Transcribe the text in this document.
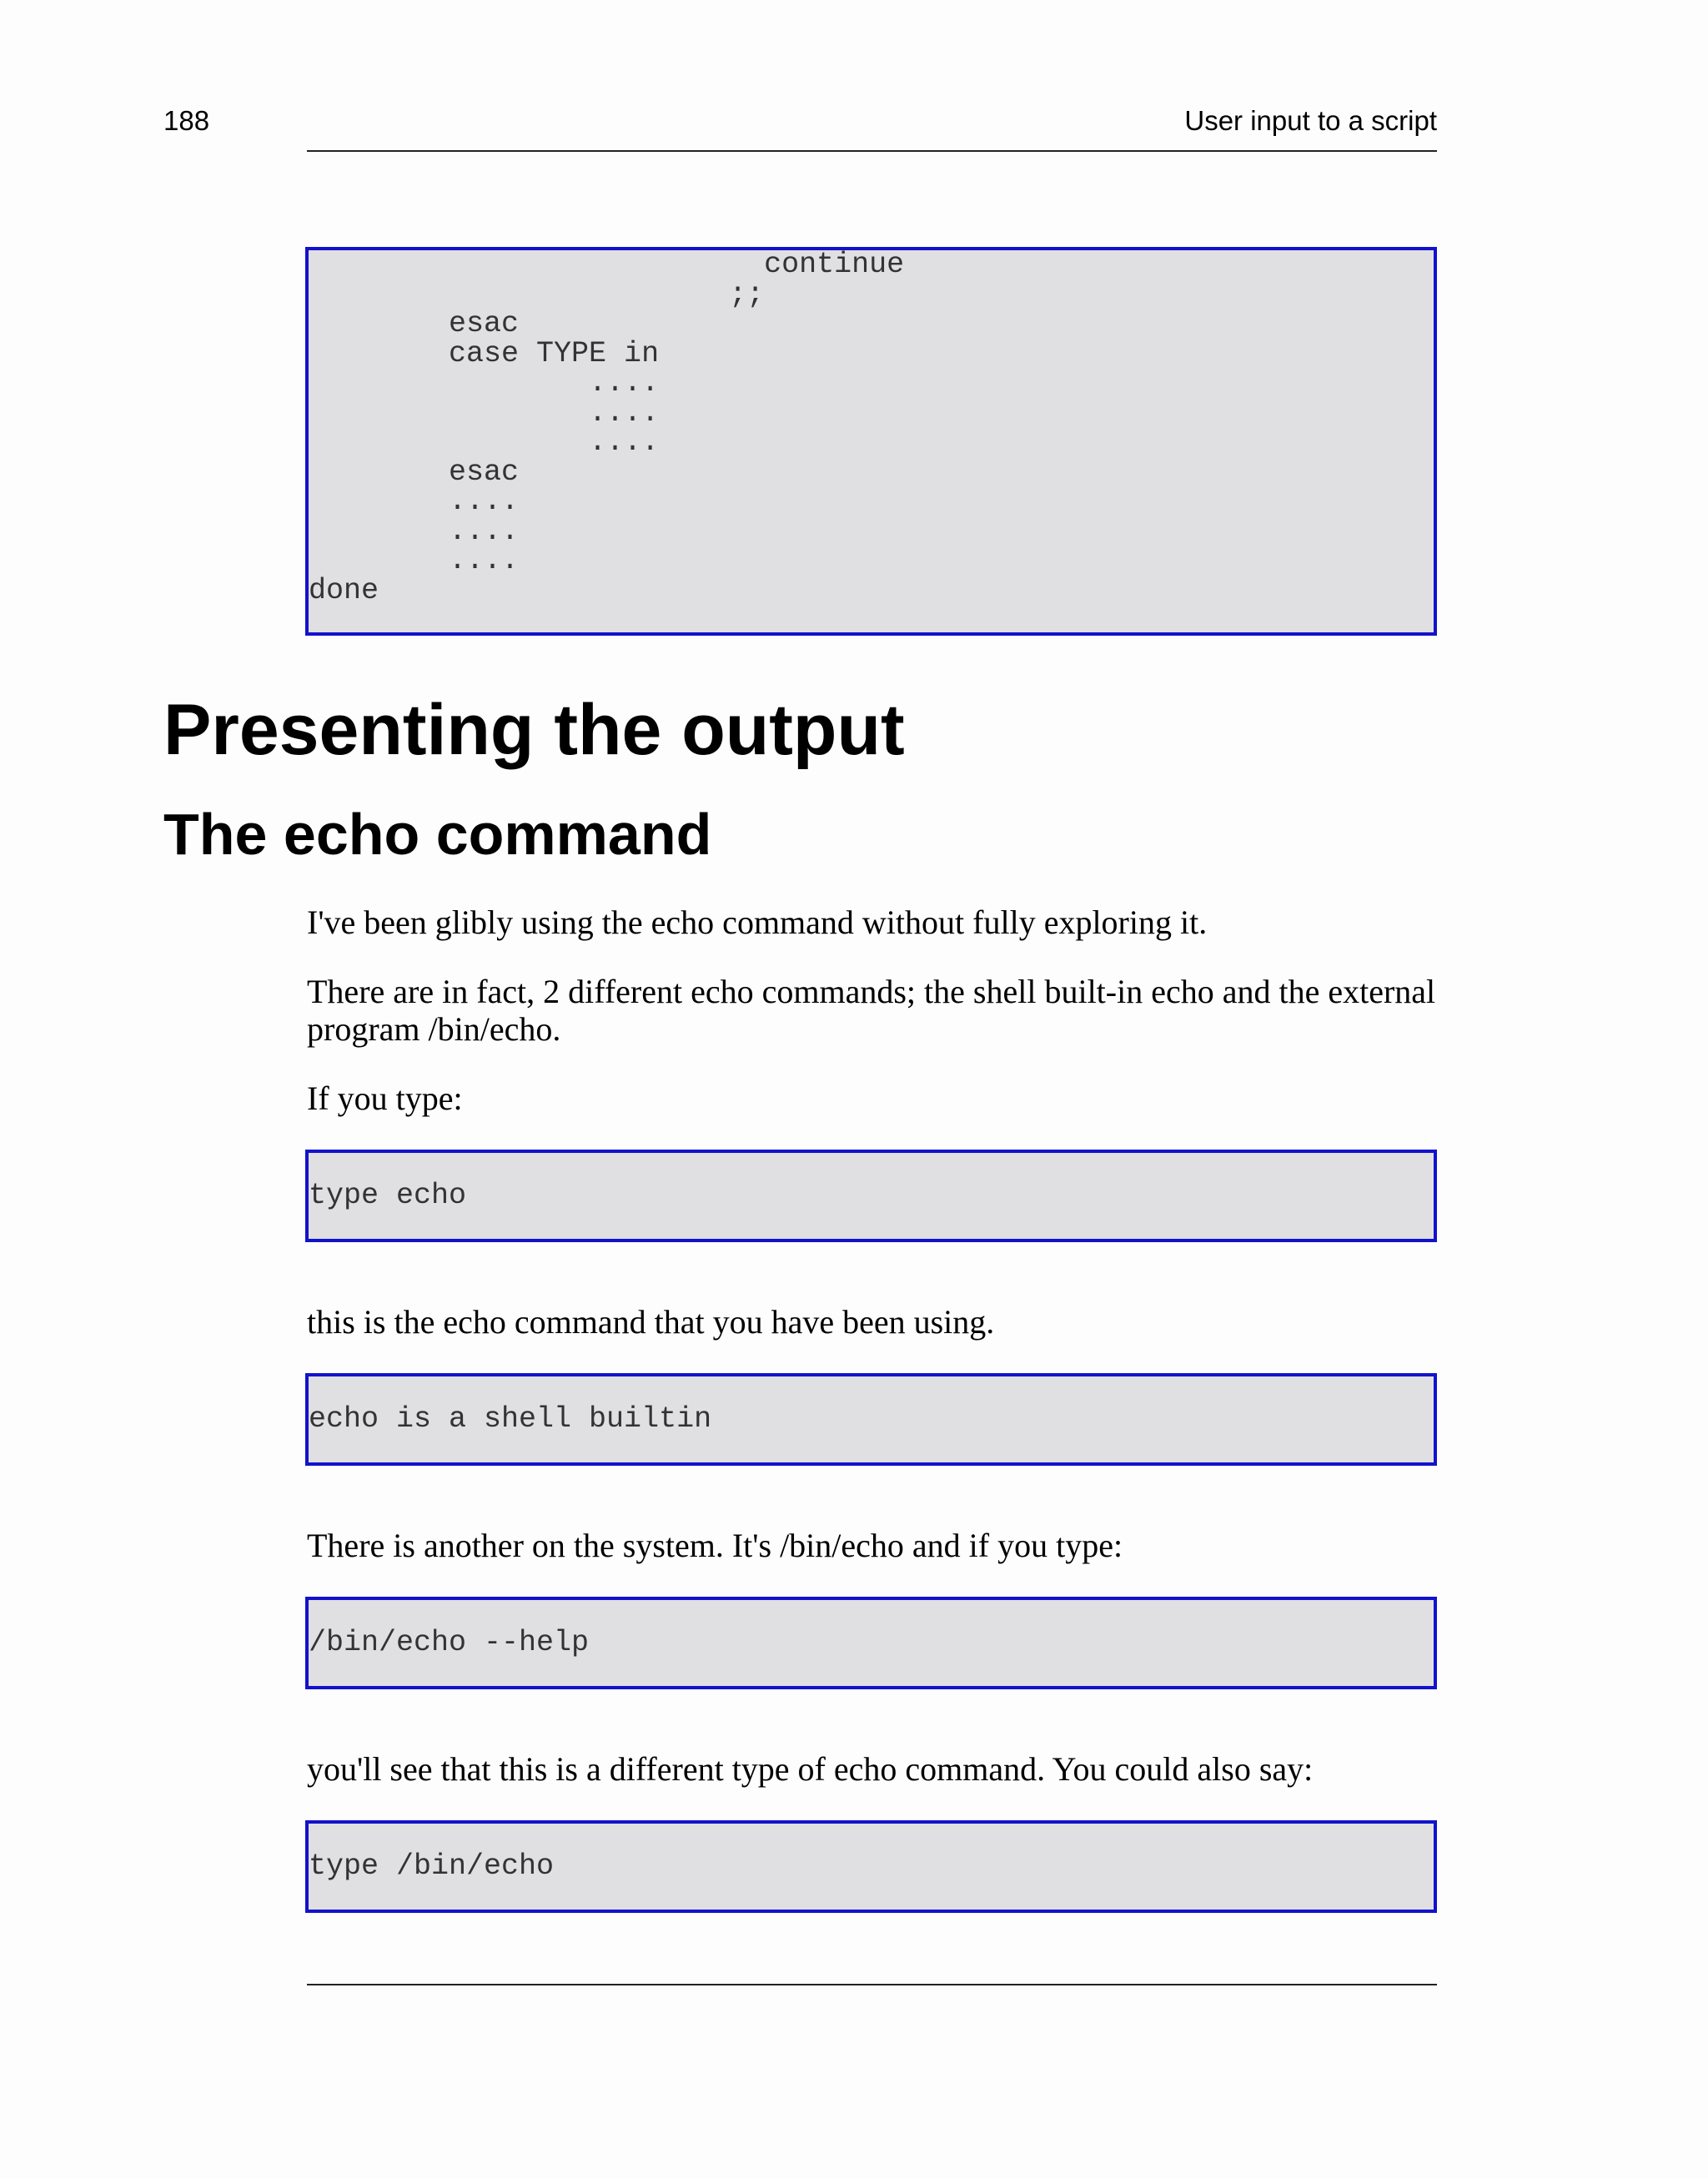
188	User input to a script
continue
;;
esac
case TYPE in
....
....
....
esac
....
....
....
done
Presenting the output
The echo command

I've been glibly using the echo command without fully exploring it.

There are in fact, 2 different echo commands; the shell built-in echo and the external program /bin/echo.

If you type:

type echo

this is the echo command that you have been using.

echo is a shell builtin

There is another on the system. It's /bin/echo and if you type:

/bin/echo --help

you'll see that this is a different type of echo command. You could also say:

type /bin/echo
